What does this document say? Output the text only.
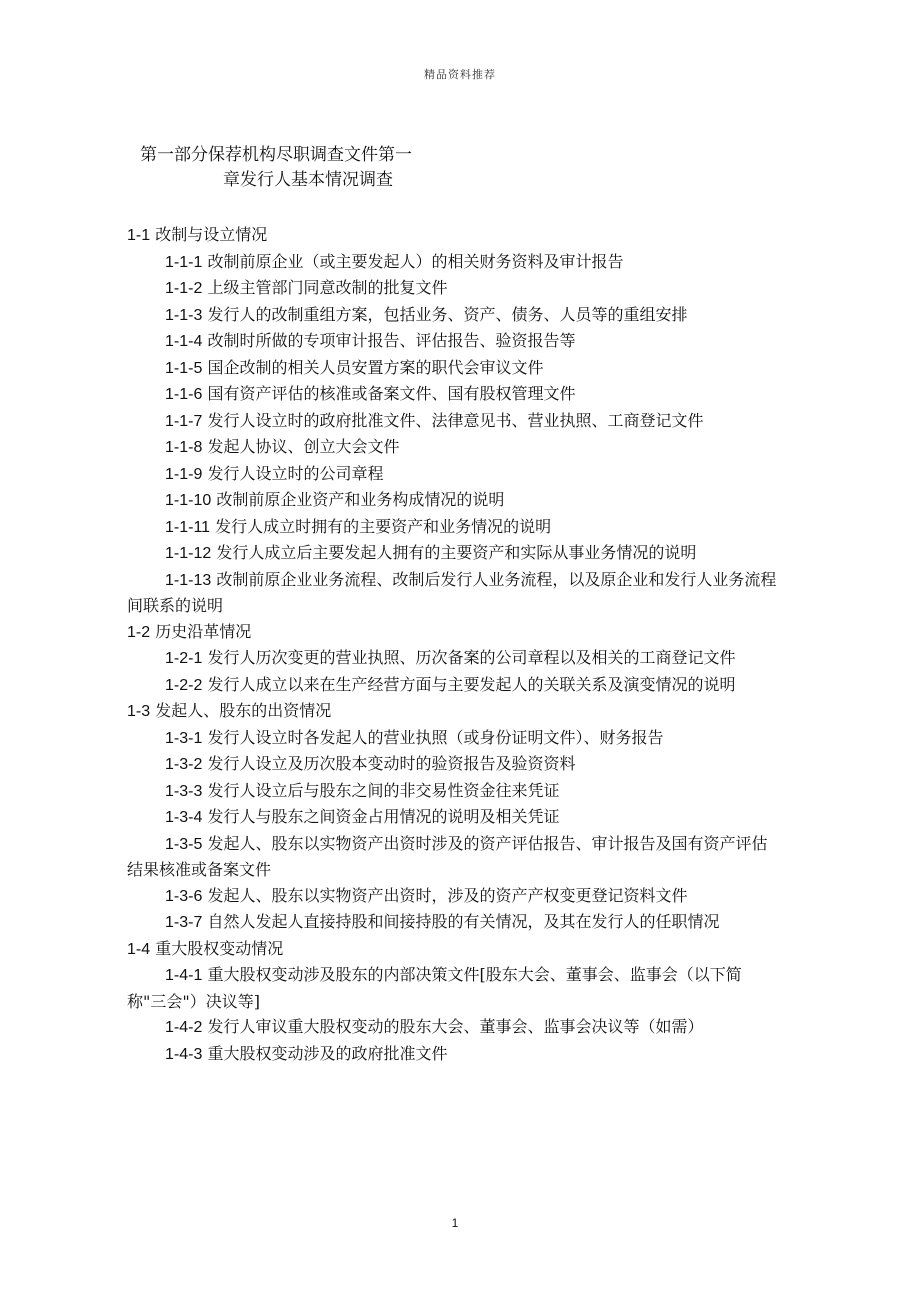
精品资料推荐
第一部分保荐机构尽职调查文件第一
章发行人基本情况调查

1-1 改制与设立情况

1-1-1 改制前原企业（或主要发起人）的相关财务资料及审计报告

1-1-2 上级主管部门同意改制的批复文件

1-1-3 发行人的改制重组方案，包括业务、资产、债务、人员等的重组安排

1-1-4 改制时所做的专项审计报告、评估报告、验资报告等

1-1-5 国企改制的相关人员安置方案的职代会审议文件

1-1-6 国有资产评估的核准或备案文件、国有股权管理文件

1-1-7 发行人设立时的政府批准文件、法律意见书、营业执照、工商登记文件

1-1-8 发起人协议、创立大会文件

1-1-9 发行人设立时的公司章程

1-1-10 改制前原企业资产和业务构成情况的说明

1-1-11 发行人成立时拥有的主要资产和业务情况的说明

1-1-12 发行人成立后主要发起人拥有的主要资产和实际从事业务情况的说明

1-1-13 改制前原企业业务流程、改制后发行人业务流程，以及原企业和发行人业务流程间联系的说明

1-2 历史沿革情况

1-2-1 发行人历次变更的营业执照、历次备案的公司章程以及相关的工商登记文件

1-2-2 发行人成立以来在生产经营方面与主要发起人的关联关系及演变情况的说明

1-3 发起人、股东的出资情况

1-3-1 发行人设立时各发起人的营业执照（或身份证明文件）、财务报告

1-3-2 发行人设立及历次股本变动时的验资报告及验资资料

1-3-3 发行人设立后与股东之间的非交易性资金往来凭证

1-3-4 发行人与股东之间资金占用情况的说明及相关凭证

1-3-5 发起人、股东以实物资产出资时涉及的资产评估报告、审计报告及国有资产评估结果核准或备案文件

1-3-6 发起人、股东以实物资产出资时，涉及的资产产权变更登记资料文件

1-3-7 自然人发起人直接持股和间接持股的有关情况，及其在发行人的任职情况

1-4 重大股权变动情况

1-4-1 重大股权变动涉及股东的内部决策文件[股东大会、董事会、监事会（以下简称"三会"）决议等]

1-4-2 发行人审议重大股权变动的股东大会、董事会、监事会决议等（如需）

1-4-3 重大股权变动涉及的政府批准文件

1
